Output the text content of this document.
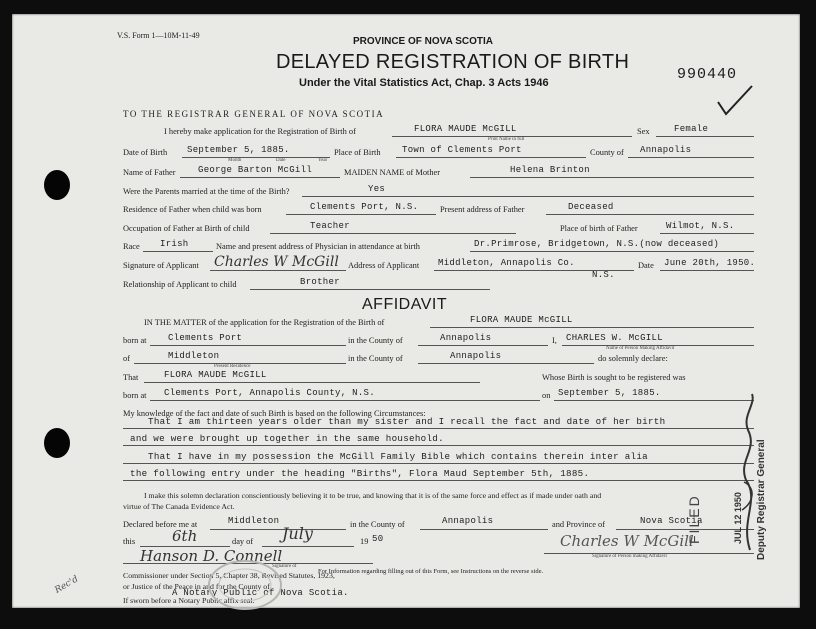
V.S. Form 1—10M-11-49
PROVINCE OF NOVA SCOTIA
DELAYED REGISTRATION OF BIRTH
Under the Vital Statistics Act, Chap. 3 Acts 1946	990440
TO THE REGISTRAR GENERAL OF NOVA SCOTIA
I hereby make application for the Registration of Birth of	FLORA MAUDE McGILL
Print Name in full
Sex	Female
Date of Birth September 5, 1885.
Month	Date	Year
Place of Birth Town of Clements Port	County of Annapolis
Name of Father George Barton McGill	MAIDEN NAME of Mother	Helena Brinton
Were the Parents married at the time of the Birth?	Yes
Residence of Father when child was born	Clements Port, N.S.	Present address of Father	Deceased
Occupation of Father at Birth of child	Teacher	Place of birth of Father	Wilmot, N.S.
Race Irish	Name and present address of Physician in attendance at birth	Dr.Primrose, Bridgetown, N.S.(now deceased)
Signature of Applicant Charles W McGill Address of Applicant Middleton, Annapolis Co.
N.S.
Date June 20th, 1950.
Relationship of Applicant to child	Brother
AFFIDAVIT
IN THE MATTER of the application for the Registration of the Birth of	FLORA MAUDE McGILL
born at Clements Port	in the County of	Annapolis	I, CHARLES W. McGILL
Name of Person Making Affidavit
of	Middleton	in the County of	Annapolis	do solemnly declare:
Present Residence
That	FLORA MAUDE McGILL	Whose Birth is sought to be registered was
born at Clements Port, Annapolis County, N.S.	on September 5, 1885.
My knowledge of the fact and date of such Birth is based on the following Circumstances:
That I am thirteen years older than my sister and I recall the fact and date of her birth
and we were brought up together in the same household.
That I have in my possession the McGill Family Bible which contains therein inter alia
the following entry under the heading "Births", Flora Maud September 5th, 1885.
I make this solemn declaration conscientiously believing it to be true, and knowing that it is of the same force and effect as if made under oath and
virtue of The Canada Evidence Act.
Declared before me at	Middleton	in the County of	Annapolis	and Province of	Nova Scotia
this 6th	day of July	19 50
Hanson D. Connell
Signature of
Commissioner under Section 5, Chapter 38, Revised Statutes, 1923,
or Justice of the Peace in and for the County of
A Notary Public of Nova Scotia.
If sworn before a Notary Public affix seal.
Charles W McGill
Signature of Person making Affidavit
For Information regarding filling out of this Form, see Instructions on the reverse side.
FILED	JUL 12 1950 Deputy Registrar General
Rec'd
